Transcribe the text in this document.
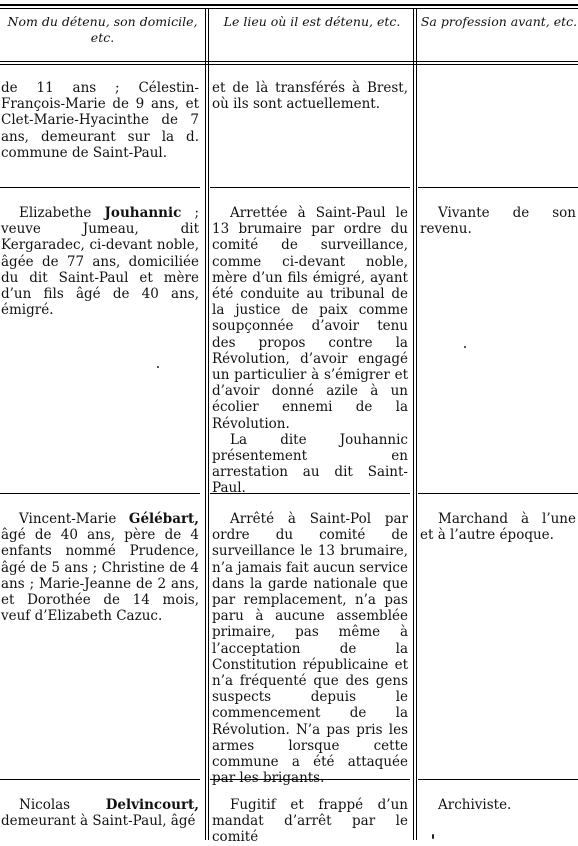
Nom du détenu, son domicile, etc.
Le lieu où il est détenu, etc.	Sa profession avant, etc.

de 11 ans ; Célestin-François-Marie de 9 ans, et Clet-Marie-Hyacinthe de 7 ans, demeurant sur la d. commune de Saint-Paul.

et de là transférés à Brest, où ils sont actuellement.

Elizabethe Jouhannic ; veuve Jumeau, dit Kergaradec, ci-devant noble, âgée de 77 ans, domiciliée du dit Saint-Paul et mère d’un fils âgé de 40 ans, émigré.

Arrettée à Saint-Paul le 13 brumaire par ordre du comité de surveillance, comme ci-devant noble, mère d’un fils émigré, ayant été conduite au tribunal de la justice de paix comme soupçonnée d’avoir tenu des propos contre la Révolution, d’avoir engagé un particulier à s’émigrer et d’avoir donné azile à un écolier ennemi de la Révolution.

La dite Jouhannic présentement en arrestation au dit Saint-Paul.

Vivante de son revenu.

Vincent-Marie Gélébart, âgé de 40 ans, père de 4 enfants nommé Prudence, âgé de 5 ans ; Christine de 4 ans ; Marie-Jeanne de 2 ans, et Dorothée de 14 mois, veuf d’Elizabeth Cazuc.

Arrêté à Saint-Pol par ordre du comité de surveillance le 13 brumaire, n’a jamais fait aucun service dans la garde nationale que par remplacement, n’a pas paru à aucune assemblée primaire, pas même à l’acceptation de la Constitution républicaine et n’a fréquenté que des gens suspects depuis le commencement de la Révolution. N’a pas pris les armes lorsque cette commune a été attaquée par les brigants.

Marchand à l’une et à l’autre époque.

Nicolas	Delvincourt, demeurant à Saint-Paul, âgé

Fugitif et frappé d’un mandat d’arrêt par le comité

Archiviste.
